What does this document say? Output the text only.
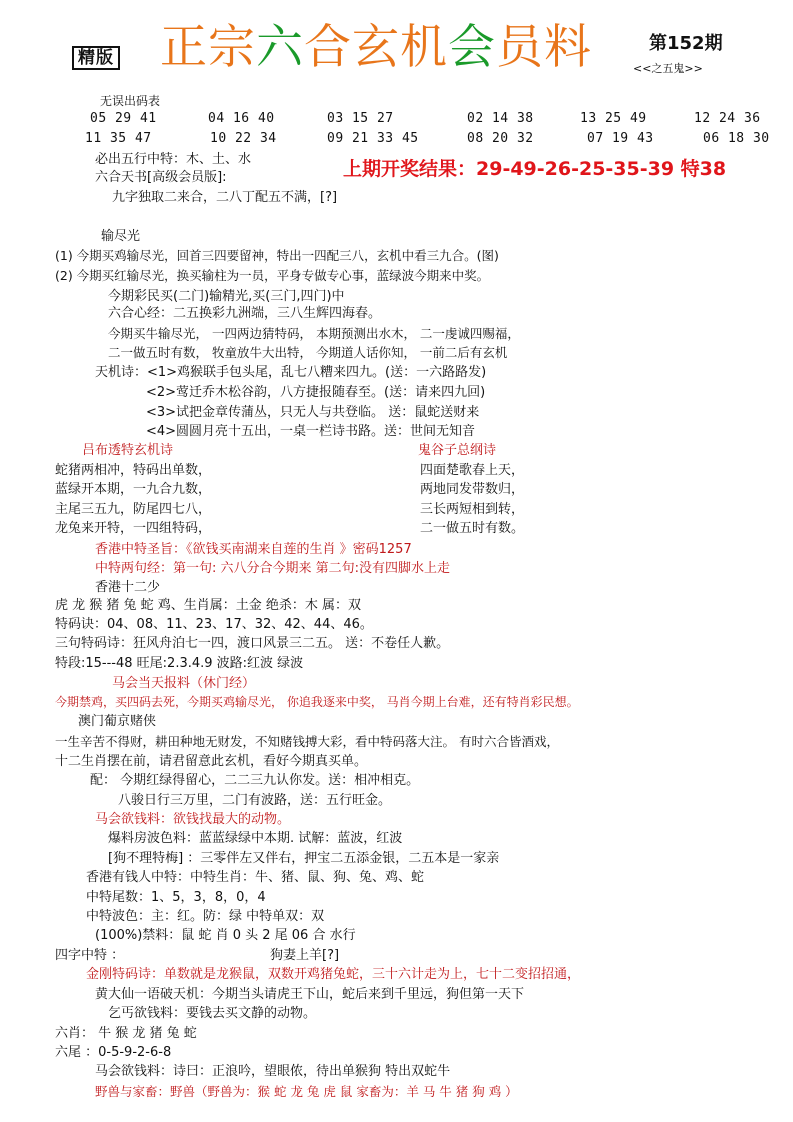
精版 正宗六合玄机会员料	第152期
<<之五鬼>>
无误出码表
05 29 41	04 16 40	03 15 27	02 14 38	13 25 49	12 24 36
11 35 47	10 22 34	09 21 33 45	08 20 32	07 19 43	06 18 30
上期开奖结果：29-49-26-25-35-39 特38
必出五行中特：木、土、水
六合天书[高级会员版]:
九字独取二来合，二八丁配五不满，[?]
输尽光
(1) 今期买鸡输尽光，回首三四要留神，特出一四配三八，玄机中看三九合。(图)
(2) 今期买红输尽光，换买输柱为一员，平身专做专心事，蓝绿波今期来中奖。
今期彩民买(二门)输精光,买(三门,四门)中
六合心经：二五换彩九洲端，三八生辉四海春。
今期买牛输尽光， 一四两边猜特码， 本期预测出水木， 二一虔诚四赐福，
二一做五时有数， 牧童放牛大出特， 今期道人话你知， 一前二后有玄机
天机诗：<1>鸡猴联手包头尾，乱七八糟来四九。(送：一六路路发)
<2>莺迁乔木松谷韵，八方捷报随春至。(送：请来四九回)
<3>试把金章传蒲丛，只无人与共登临。 送：鼠蛇送财来
<4>圆圆月亮十五出，一桌一栏诗书路。送：世间无知音
吕布透特玄机诗	鬼谷子总纲诗
蛇猪两相冲，特码出单数，	四面楚歌春上天，
蓝绿开本期，一九合九数，	两地同发带数归，
主尾三五九，防尾四七八，	三长两短相到转，
龙兔来开特，一四组特码，	二一做五时有数。
香港中特圣旨：《欲钱买南湖来自莲的生肖 》密码1257
中特两句经：第一句: 六八分合今期来 第二句:没有四脚水上走
香港十二少
虎 龙 猴 猪 兔 蛇 鸡、生肖属：土金 绝杀：木 属：双
特码诀：04、08、11、23、17、32、42、44、46。
三句特码诗：狂风舟泊七一四，渡口风景三二五。 送：不卷任人歉。
特段:15---48 旺尾:2.3.4.9 波路:红波 绿波
马会当天报料（休门经）
今期禁鸡，买四码去死，今期买鸡输尽光， 你追我逐来中奖， 马肖今期上台难，还有特肖彩民想。
澳门葡京赌侠
一生辛苦不得财，耕田种地无财发，不知赌钱搏大彩，看中特码落大注。 有时六合皆酒戏，
十二生肖摆在前，请君留意此玄机，看好今期真买单。
配： 今期红绿得留心，二二三九认你发。送：相冲相克。
八骏日行三万里，二门有波路，送：五行旺金。
马会欲钱料：欲钱找最大的动物。
爆料房波色料：蓝蓝绿绿中本期. 试解：蓝波，红波
[狗不理特梅] ：三零伴左又伴右，押宝二五添金银，二五本是一家亲
香港有钱人中特：中特生肖：牛、猪、鼠、狗、兔、鸡、蛇
中特尾数：1、5，3，8，0，4
中特波色：主：红。防：绿 中特单双：双
(100%)禁料：鼠 蛇 肖 0 头 2 尾 06 合 水行
四字中特 ：	狗妻上羊[?]
金刚特码诗：单数就是龙猴鼠，双数开鸡猪兔蛇，三十六计走为上，七十二变招招通，
黄大仙一语破天机：今期当头请虎王下山，蛇后来到千里远，狗但第一天下
乞丐欲钱料：要钱去买文静的动物。
六肖： 牛 猴 龙 猪 兔 蛇
六尾 ：0-5-9-2-6-8
马会欲钱料：诗曰：正浪吟，望眼侬，待出单猴狗 特出双蛇牛
野兽与家畜：野兽（野兽为：猴 蛇 龙 兔 虎 鼠 家畜为：羊 马 牛 猪 狗 鸡 ）
